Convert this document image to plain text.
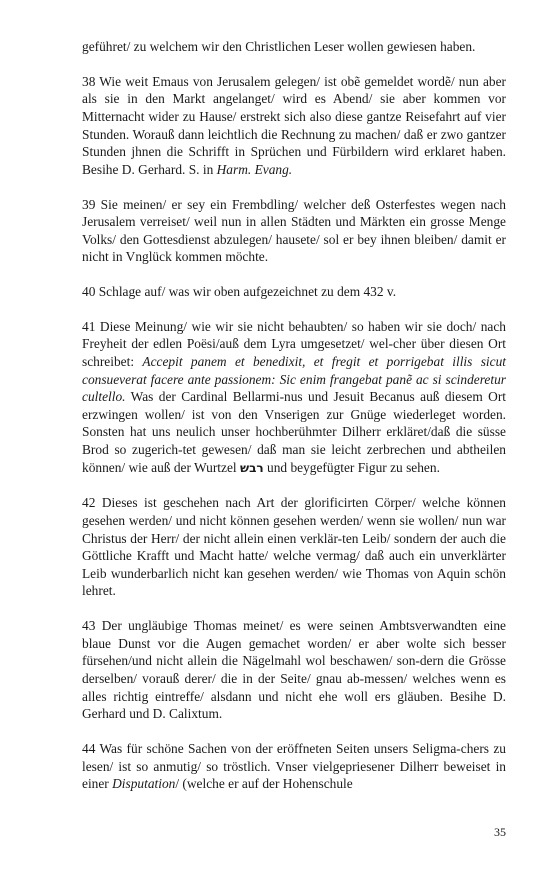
geführet/ zu welchem wir den Christlichen Leser wollen gewiesen haben.

38 Wie weit Emaus von Jerusalem gelegen/ ist obẽ gemeldet wordẽ/ nun aber als sie in den Markt angelanget/ wird es Abend/ sie aber kommen vor Mitternacht wider zu Hause/ erstrekt sich also diese gantze Reisefahrt auf vier Stunden. Worauß dann leichtlich die Rechnung zu machen/ daß er zwo gantzer Stunden jhnen die Schrifft in Sprüchen und Fürbildern wird erklaret haben. Besihe D. Gerhard. S. in Harm. Evang.

39 Sie meinen/ er sey ein Frembdling/ welcher deß Osterfestes wegen nach Jerusalem verreiset/ weil nun in allen Städten und Märkten ein grosse Menge Volks/ den Gottesdienst abzulegen/ hausete/ sol er bey ihnen bleiben/ damit er nicht in Vnglück kommen möchte.

40 Schlage auf/ was wir oben aufgezeichnet zu dem 432 v.

41 Diese Meinung/ wie wir sie nicht behaubten/ so haben wir sie doch/ nach Freyheit der edlen Poësi/auß dem Lyra umgesetzet/ wel-cher über diesen Ort schreibet: Accepit panem et benedixit, et fregit et porrigebat illis sicut consueverat facere ante passionem: Sic enim frangebat panẽ ac si scinderetur cultello. Was der Cardinal Bellarmi-nus und Jesuit Becanus auß diesem Ort erzwingen wollen/ ist von den Vnserigen zur Gnüge wiederleget worden. Sonsten hat uns neulich unser hochberühmter Dilherr erkläret/daß die süsse Brod so zugerich-tet gewesen/ daß man sie leicht zerbrechen und abtheilen können/ wie auß der Wurtzel רבש und beygefügter Figur zu sehen.

42 Dieses ist geschehen nach Art der glorificirten Cörper/ welche können gesehen werden/ und nicht können gesehen werden/ wenn sie wollen/ nun war Christus der Herr/ der nicht allein einen verklär-ten Leib/ sondern der auch die Göttliche Krafft und Macht hatte/ welche vermag/ daß auch ein unverklärter Leib wunderbarlich nicht kan gesehen werden/ wie Thomas von Aquin schön lehret.

43 Der ungläubige Thomas meinet/ es were seinen Ambtsverwandten eine blaue Dunst vor die Augen gemachet worden/ er aber wolte sich besser fürsehen/und nicht allein die Nägelmahl wol beschawen/ son-dern die Grösse derselben/ vorauß derer/ die in der Seite/ gnau ab-messen/ welches wenn es alles richtig eintreffe/ alsdann und nicht ehe woll ers gläuben. Besihe D. Gerhard und D. Calixtum.

44 Was für schöne Sachen von der eröffneten Seiten unsers Seligma-chers zu lesen/ ist so anmutig/ so tröstlich. Vnser vielgepriesener Dilherr beweiset in einer Disputation/ (welche er auf der Hohenschule

35
